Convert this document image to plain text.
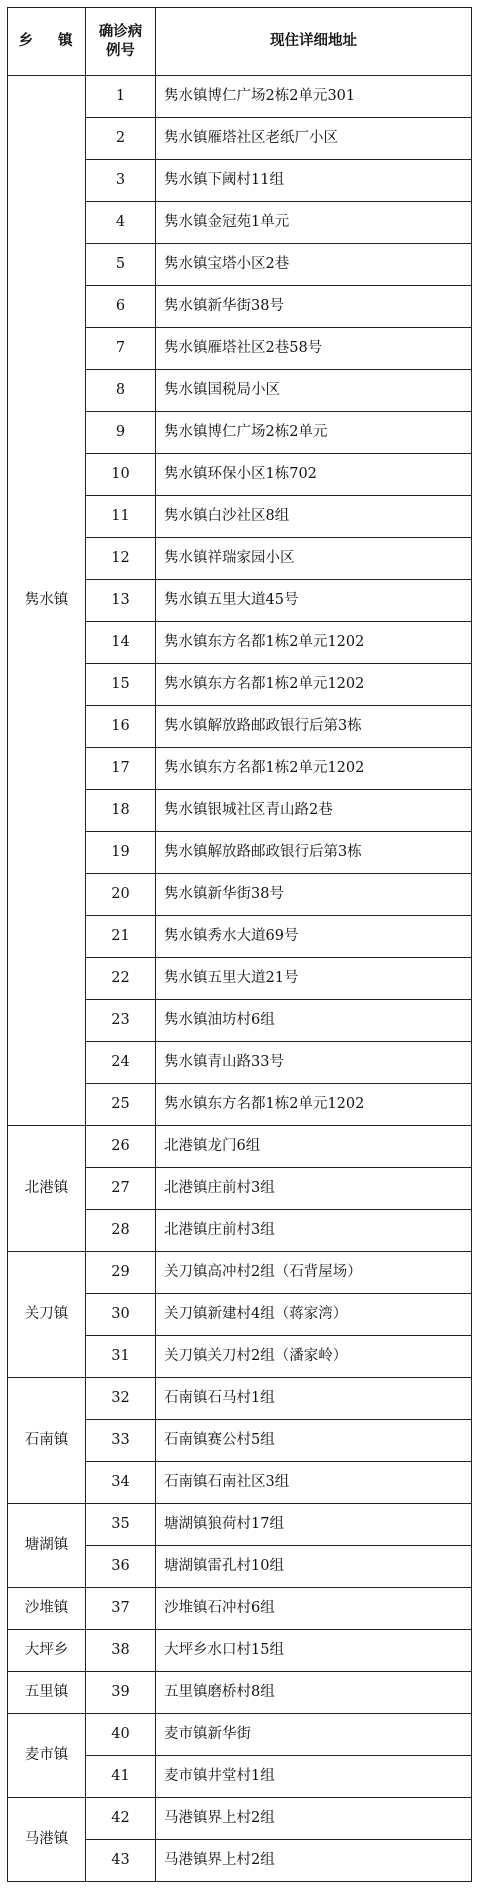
乡 镇	确诊病例号	现住详细地址
隽水镇	1	隽水镇博仁广场2栋2单元301
	2	隽水镇雁塔社区老纸厂小区
	3	隽水镇下阈村11组
	4	隽水镇金冠苑1单元
	5	隽水镇宝塔小区2巷
	6	隽水镇新华街38号
	7	隽水镇雁塔社区2巷58号
	8	隽水镇国税局小区
	9	隽水镇博仁广场2栋2单元
	10	隽水镇环保小区1栋702
	11	隽水镇白沙社区8组
	12	隽水镇祥瑞家园小区
	13	隽水镇五里大道45号
	14	隽水镇东方名都1栋2单元1202
	15	隽水镇东方名都1栋2单元1202
	16	隽水镇解放路邮政银行后第3栋
	17	隽水镇东方名都1栋2单元1202
	18	隽水镇银城社区青山路2巷
	19	隽水镇解放路邮政银行后第3栋
	20	隽水镇新华街38号
	21	隽水镇秀水大道69号
	22	隽水镇五里大道21号
	23	隽水镇油坊村6组
	24	隽水镇青山路33号
	25	隽水镇东方名都1栋2单元1202
北港镇	26	北港镇龙门6组
	27	北港镇庄前村3组
	28	北港镇庄前村3组
关刀镇	29	关刀镇高冲村2组（石背屋场）
	30	关刀镇新建村4组（蒋家湾）
	31	关刀镇关刀村2组（潘家岭）
石南镇	32	石南镇石马村1组
	33	石南镇赛公村5组
	34	石南镇石南社区3组
塘湖镇	35	塘湖镇狼荷村17组
	36	塘湖镇雷孔村10组
沙堆镇	37	沙堆镇石冲村6组
大坪乡	38	大坪乡水口村15组
五里镇	39	五里镇磨桥村8组
麦市镇	40	麦市镇新华街
	41	麦市镇井堂村1组
马港镇	42	马港镇界上村2组
	43	马港镇界上村2组
